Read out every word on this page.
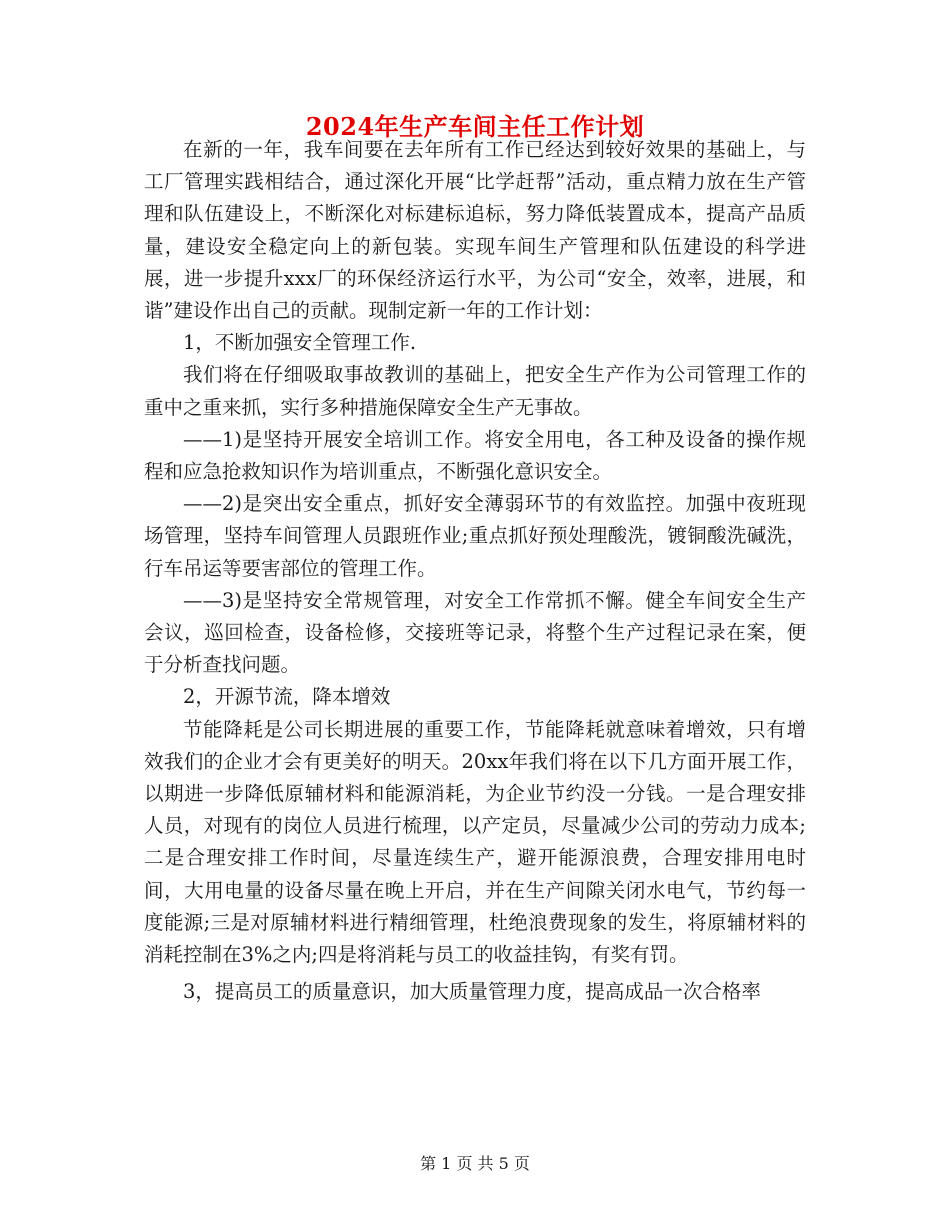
2024年生产车间主任工作计划

在新的一年，我车间要在去年所有工作已经达到较好效果的基础上，与工厂管理实践相结合，通过深化开展“比学赶帮”活动，重点精力放在生产管理和队伍建设上，不断深化对标建标追标，努力降低装置成本，提高产品质量，建设安全稳定向上的新包装。实现车间生产管理和队伍建设的科学进展，进一步提升xxx厂的环保经济运行水平，为公司“安全，效率，进展，和谐”建设作出自己的贡献。现制定新一年的工作计划：

1，不断加强安全管理工作.

我们将在仔细吸取事故教训的基础上，把安全生产作为公司管理工作的重中之重来抓，实行多种措施保障安全生产无事故。

——1)是坚持开展安全培训工作。将安全用电，各工种及设备的操作规程和应急抢救知识作为培训重点，不断强化意识安全。

——2)是突出安全重点，抓好安全薄弱环节的有效监控。加强中夜班现场管理，坚持车间管理人员跟班作业;重点抓好预处理酸洗，镀铜酸洗碱洗，行车吊运等要害部位的管理工作。

——3)是坚持安全常规管理，对安全工作常抓不懈。健全车间安全生产会议，巡回检查，设备检修，交接班等记录，将整个生产过程记录在案，便于分析查找问题。

2，开源节流，降本增效

节能降耗是公司长期进展的重要工作，节能降耗就意味着增效，只有增效我们的企业才会有更美好的明天。20xx年我们将在以下几方面开展工作，以期进一步降低原辅材料和能源消耗，为企业节约没一分钱。一是合理安排人员，对现有的岗位人员进行梳理，以产定员，尽量减少公司的劳动力成本;二是合理安排工作时间，尽量连续生产，避开能源浪费，合理安排用电时间，大用电量的设备尽量在晚上开启，并在生产间隙关闭水电气，节约每一度能源;三是对原辅材料进行精细管理，杜绝浪费现象的发生，将原辅材料的消耗控制在3%之内;四是将消耗与员工的收益挂钩，有奖有罚。

3，提高员工的质量意识，加大质量管理力度，提高成品一次合格率

第 1 页 共 5 页
